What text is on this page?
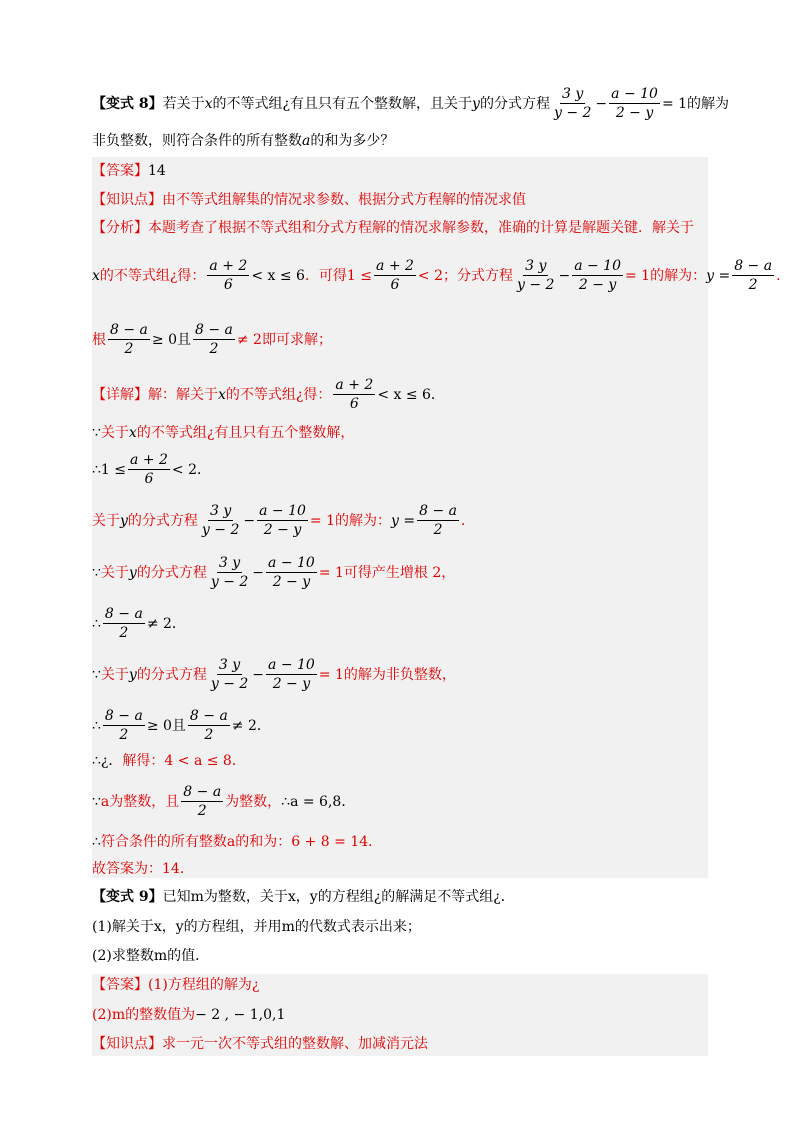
【变式 8】 若关于 x 的不等式组¿有且只有五个整数解，且关于 y 的分式方程 $\frac{3 y}{y - 2} - \frac{a - 10}{2 - y} = 1$的解为
非负整数，则符合条件的所有整数 a 的和为多少？
【答案】 14
【知识点】 由不等式组解集的情况求参数、根据分式方程解的情况求值
【分析】 本题考查了根据不等式组和分式方程解的情况求解参数，准确的计算是解题关键．解关于
x 的不等式组¿得： $\frac{a + 2}{6} < x \le 6$ ．可得$1 \le \frac{a + 2}{6} < 2$；分式方程 $\frac{3 y}{y - 2} - \frac{a - 10}{2 - y} = 1$的解为： $y = \frac{8 - a}{2}$ ．
根 $\frac{8 - a}{2} \ge 0$且 $\frac{8 - a}{2} \ne 2$即可求解；
【详解】 解：解关于 x 的不等式组¿得： $\frac{a + 2}{6} < x \le 6$．
∵ 关于 x 的不等式组¿有且只有五个整数解，
∴1 ≤ $\frac{a + 2}{6} < 2$．
关于 y 的分式方程 $\frac{3 y}{y - 2} - \frac{a - 10}{2 - y} = 1$的解为： $y = \frac{8 - a}{2}$ ．
∵ 关于 y 的分式方程 $\frac{3 y}{y - 2} - \frac{a - 10}{2 - y} = 1$可得产生增根 2，
∴ $\frac{8 - a}{2} \ne 2$．
∵ 关于 y 的分式方程 $\frac{3 y}{y - 2} - \frac{a - 10}{2 - y} = 1$的解为非负整数，
∴ $\frac{8 - a}{2} \ge 0$且 $\frac{8 - a}{2} \ne 2$．
∴¿． 解得：4 < a ≤ 8．
∵ a为整数，且 $\frac{8 - a}{2}$ 为整数， ∴a = 6,8．
∴ 符合条件的所有整数a的和为：6 + 8 = 14．
故答案为：14．
【变式 9】 已知m为整数，关于x，y的方程组¿的解满足不等式组¿．
(1)解关于x，y的方程组，并用m的代数式表示出来；
(2)求整数m的值．
【答案】 (1)方程组的解为¿
(2)m的整数值为 − 2 , − 1,0,1
【知识点】 求一元一次不等式组的整数解、加减消元法
